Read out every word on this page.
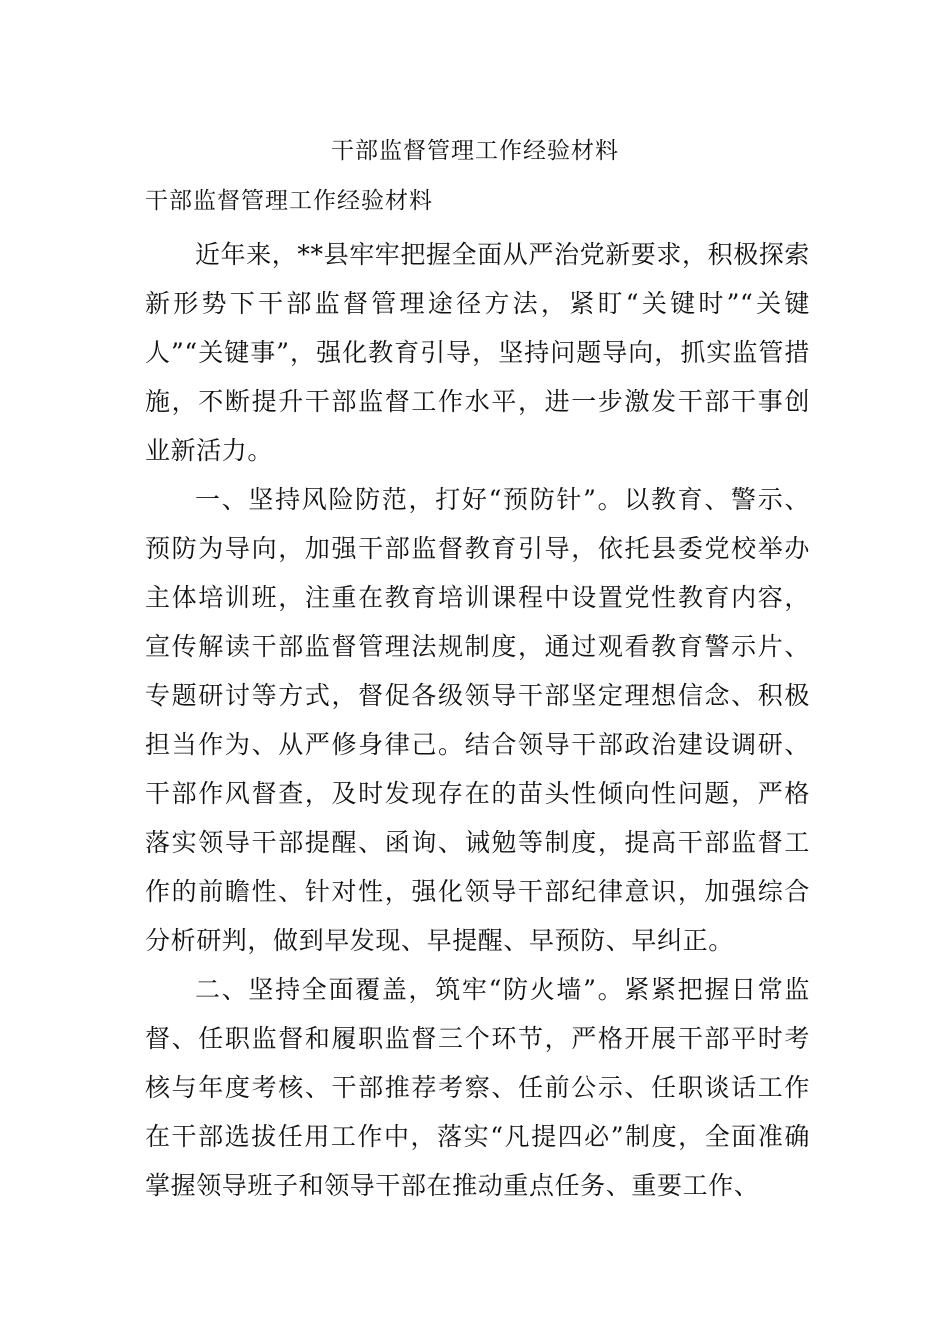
干部监督管理工作经验材料
干部监督管理工作经验材料

近年来，**县牢牢把握全面从严治党新要求，积极探索新形势下干部监督管理途径方法，紧盯“关键时”“关键人”“关键事”，强化教育引导，坚持问题导向，抓实监管措施，不断提升干部监督工作水平，进一步激发干部干事创业新活力。

一、坚持风险防范，打好“预防针”。以教育、警示、预防为导向，加强干部监督教育引导，依托县委党校举办主体培训班，注重在教育培训课程中设置党性教育内容，宣传解读干部监督管理法规制度，通过观看教育警示片、专题研讨等方式，督促各级领导干部坚定理想信念、积极担当作为、从严修身律己。结合领导干部政治建设调研、干部作风督查，及时发现存在的苗头性倾向性问题，严格落实领导干部提醒、函询、诫勉等制度，提高干部监督工作的前瞻性、针对性，强化领导干部纪律意识，加强综合分析研判，做到早发现、早提醒、早预防、早纠正。

二、坚持全面覆盖，筑牢“防火墙”。紧紧把握日常监督、任职监督和履职监督三个环节，严格开展干部平时考核与年度考核、干部推荐考察、任前公示、任职谈话工作在干部选拔任用工作中，落实“凡提四必”制度，全面准确掌握领导班子和领导干部在推动重点任务、重要工作、
